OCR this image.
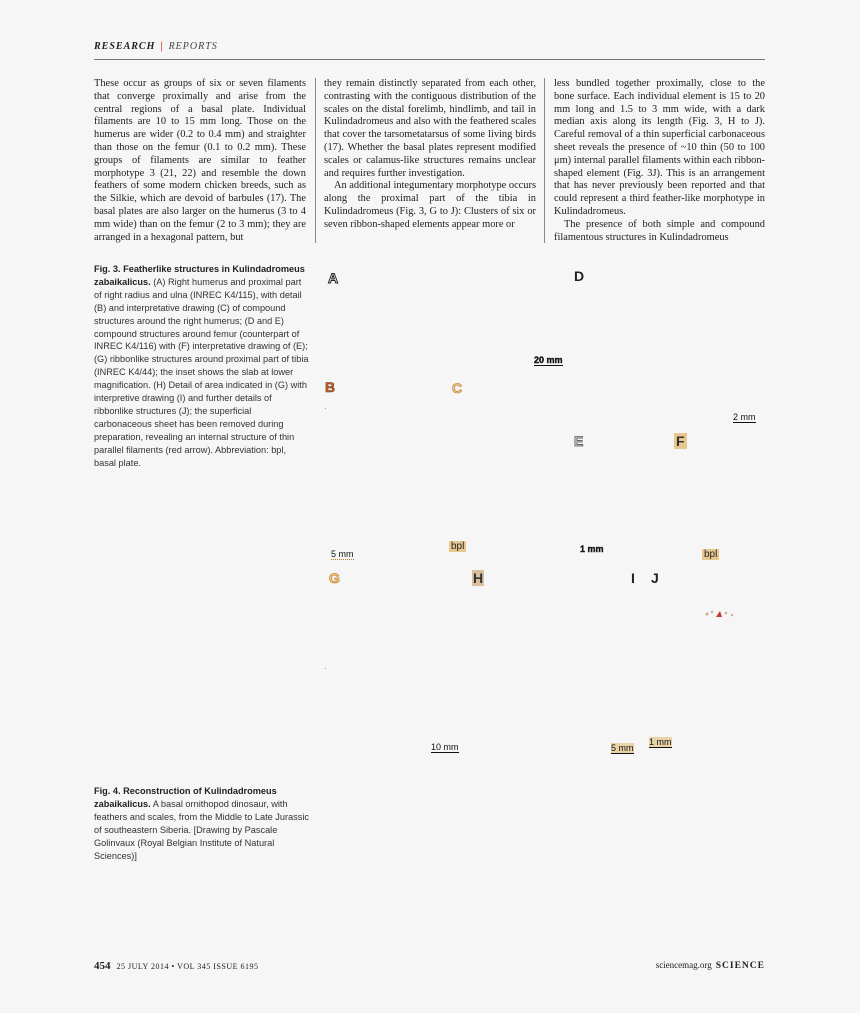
RESEARCH | REPORTS

These occur as groups of six or seven filaments that converge proximally and arise from the central regions of a basal plate. Individual filaments are 10 to 15 mm long. Those on the humerus are wider (0.2 to 0.4 mm) and straighter than those on the femur (0.1 to 0.2 mm). These groups of filaments are similar to feather morphotype 3 (21, 22) and resemble the down feathers of some modern chicken breeds, such as the Silkie, which are devoid of barbules (17). The basal plates are also larger on the humerus (3 to 4 mm wide) than on the femur (2 to 3 mm); they are arranged in a hexagonal pattern, but

they remain distinctly separated from each other, contrasting with the contiguous distribution of the scales on the distal forelimb, hindlimb, and tail in Kulindadromeus and also with the feathered scales that cover the tarsometatarsus of some living birds (17). Whether the basal plates represent modified scales or calamus-like structures remains unclear and requires further investigation.

An additional integumentary morphotype occurs along the proximal part of the tibia in Kulindadromeus (Fig. 3, G to J): Clusters of six or seven ribbon-shaped elements appear more or

less bundled together proximally, close to the bone surface. Each individual element is 15 to 20 mm long and 1.5 to 3 mm wide, with a dark median axis along its length (Fig. 3, H to J). Careful removal of a thin superficial carbonaceous sheet reveals the presence of ~10 thin (50 to 100 μm) internal parallel filaments within each ribbon-shaped element (Fig. 3J). This is an arrangement that has never previously been reported and that could represent a third feather-like morphotype in Kulindadromeus.

The presence of both simple and compound filamentous structures in Kulindadromeus

Fig. 3. Featherlike structures in Kulindadromeus zabaikalicus. (A) Right humerus and proximal part of right radius and ulna (INREC K4/115), with detail (B) and interpretative drawing (C) of compound structures around the right humerus; (D and E) compound structures around femur (counterpart of INREC K4/116) with (F) interpretative drawing of (E); (G) ribbonlike structures around proximal part of tibia (INREC K4/44); the inset shows the slab at lower magnification. (H) Detail of area indicated in (G) with interpretive drawing (I) and further details of ribbonlike structures (J); the superficial carbonaceous sheet has been removed during preparation, revealing an internal structure of thin parallel filaments (red arrow). Abbreviation: bpl, basal plate.
A	D
B	C
E	F
G	H	I J
20 mm
2 mm
5 mm	1 mm
10 mm	5 mm
1 mm
bpl
bpl
Fig. 4. Reconstruction of Kulindadromeus zabaikalicus. A basal ornithopod dinosaur, with feathers and scales, from the Middle to Late Jurassic of southeastern Siberia. [Drawing by Pascale Golinvaux (Royal Belgian Institute of Natural Sciences)]
454 25 JULY 2014 • VOL 345 ISSUE 6195	sciencemag.org SCIENCE
